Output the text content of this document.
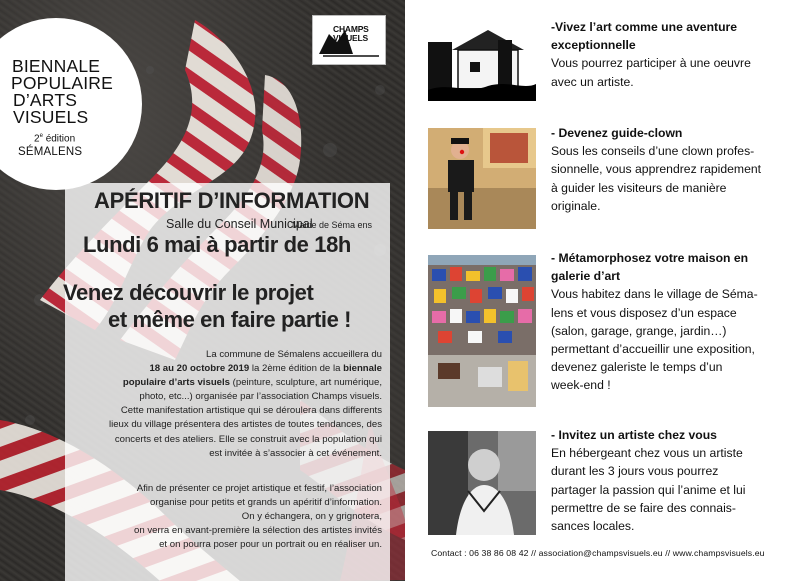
BIENNALE
POPULAIRE
D’ARTS
VISUELS
2e édition
SÉMALENS
CHAMPS
VISUELS
APÉRITIF D’INFORMATION
Salle du Conseil Municipal
Mairie de Séma ens
Lundi 6 mai à partir de 18h
Venez découvrir le projet
et même en faire partie !
La commune de Sémalens accueillera du
18 au 20 octobre 2019 la 2ème édition de la biennale
populaire d’arts visuels (peinture, sculpture, art numérique,
photo, etc...) organisée par l’association Champs visuels.
Cette manifestation artistique qui se déroulera dans differents
lieux du village présentera des artistes de toutes tendances, des
concerts et des ateliers. Elle se construit avec la population qui
est invitée à s’associer à cet événement.
Afin de présenter ce projet artistique et festif, l’association
organise pour petits et grands un apéritif d’information.
On y échangera, on y grignotera,
on verra en avant-première la sélection des artistes invités
et on pourra poser pour un portrait ou en réaliser un.
-Vivez l’art comme une aventure
exceptionnelle
Vous pourrez participer à une oeuvre
avec un artiste.
- Devenez guide-clown
Sous les conseils d’une clown profes-
sionnelle, vous apprendrez rapidement
à guider les visiteurs de manière
originale.
- Métamorphosez votre maison en
galerie d’art
Vous habitez dans le village de Séma-
lens et vous disposez d’un espace
(salon, garage, grange, jardin…)
permettant d’accueillir une exposition,
devenez galeriste le temps d’un
week-end !
- Invitez un artiste chez vous
En hébergeant chez vous un artiste
durant les 3 jours vous pourrez
partager la passion qui l’anime et lui
permettre de se faire des connais-
sances locales.
Contact : 06 38 86 08 42 // association@champsvisuels.eu // www.champsvisuels.eu
